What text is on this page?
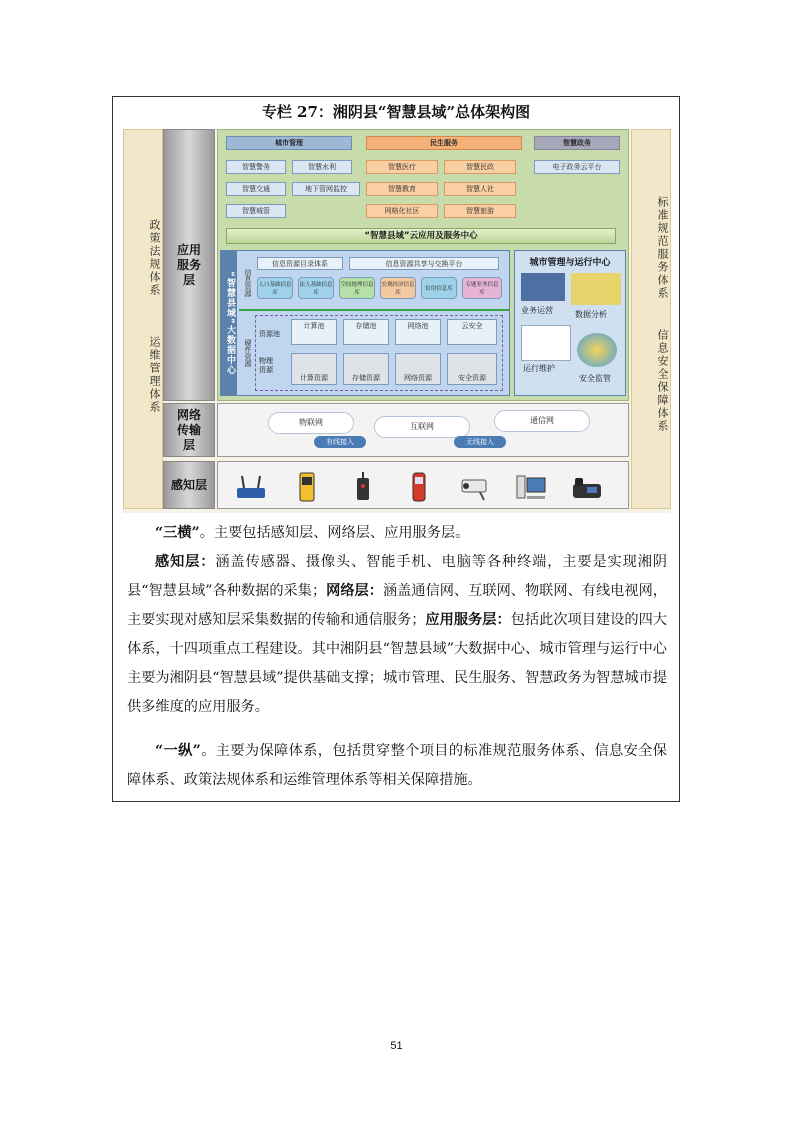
专栏 27：湘阴县“智慧县域”总体架构图
政策法规体系
运维管理体系
标准规范服务体系
信息安全保障体系
应用服务层
网络传输层
感知层
城市管理
智慧警务	智慧水利
智慧交通	地下管网监控
智慧城管
民生服务
智慧医疗	智慧民政
智慧教育	智慧人社
网格化社区	智慧旅游
智慧政务
电子政务云平台
“智慧县域”云应用及服务中心
“智慧县域”大数据中心	信息资源
信息资源目录体系	信息资源共享与交换平台
人口基础信息库
法人基础信息库
空间地理信息库
宏观经济信息库
信用信息库
专题业务信息库
硬件资源
资源池
物理资源
计算池	存储池	网络池	云安全
计算资源	存储资源	网络资源	安全资源
城市管理与运行中心
业务运营	数据分析
运行维护
安全监管
物联网	互联网
通信网
有线接入	无线接入
“三横”。主要包括感知层、网络层、应用服务层。
感知层：涵盖传感器、摄像头、智能手机、电脑等各种终端，主要是实现湘阴县“智慧县域”各种数据的采集；网络层：涵盖通信网、互联网、物联网、有线电视网，主要实现对感知层采集数据的传输和通信服务；应用服务层：包括此次项目建设的四大体系，十四项重点工程建设。其中湘阴县“智慧县域”大数据中心、城市管理与运行中心主要为湘阴县“智慧县域”提供基础支撑；城市管理、民生服务、智慧政务为智慧城市提供多维度的应用服务。
“一纵”。主要为保障体系，包括贯穿整个项目的标准规范服务体系、信息安全保障体系、政策法规体系和运维管理体系等相关保障措施。
51
